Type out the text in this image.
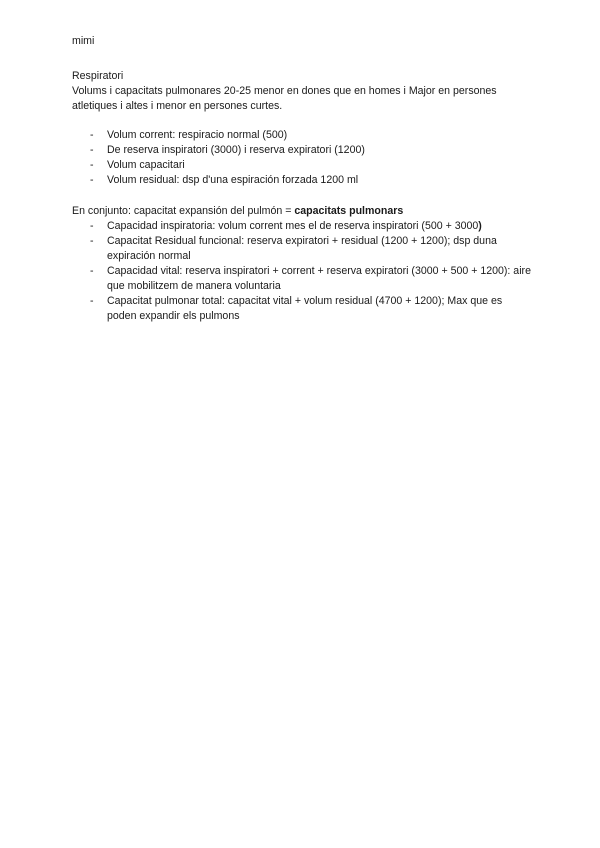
mimi

Respiratori

Volums i capacitats pulmonares 20-25 menor en dones que en homes i Major en persones atletiques i altes i menor en persones curtes.

- Volum corrent: respiracio normal (500)
- De reserva inspiratori (3000) i reserva expiratori (1200)
- Volum capacitari
- Volum residual: dsp d'una espiración forzada 1200 ml

En conjunto: capacitat expansión del pulmón = capacitats pulmonars

- Capacidad inspiratoria: volum corrent mes el de reserva inspiratori (500 + 3000)
- Capacitat Residual funcional: reserva expiratori + residual (1200 + 1200); dsp duna expiración normal
- Capacidad vital: reserva inspiratori + corrent + reserva expiratori (3000 + 500 + 1200): aire que mobilitzem de manera voluntaria
- Capacitat pulmonar total: capacitat vital + volum residual (4700 + 1200); Max que es poden expandir els pulmons
